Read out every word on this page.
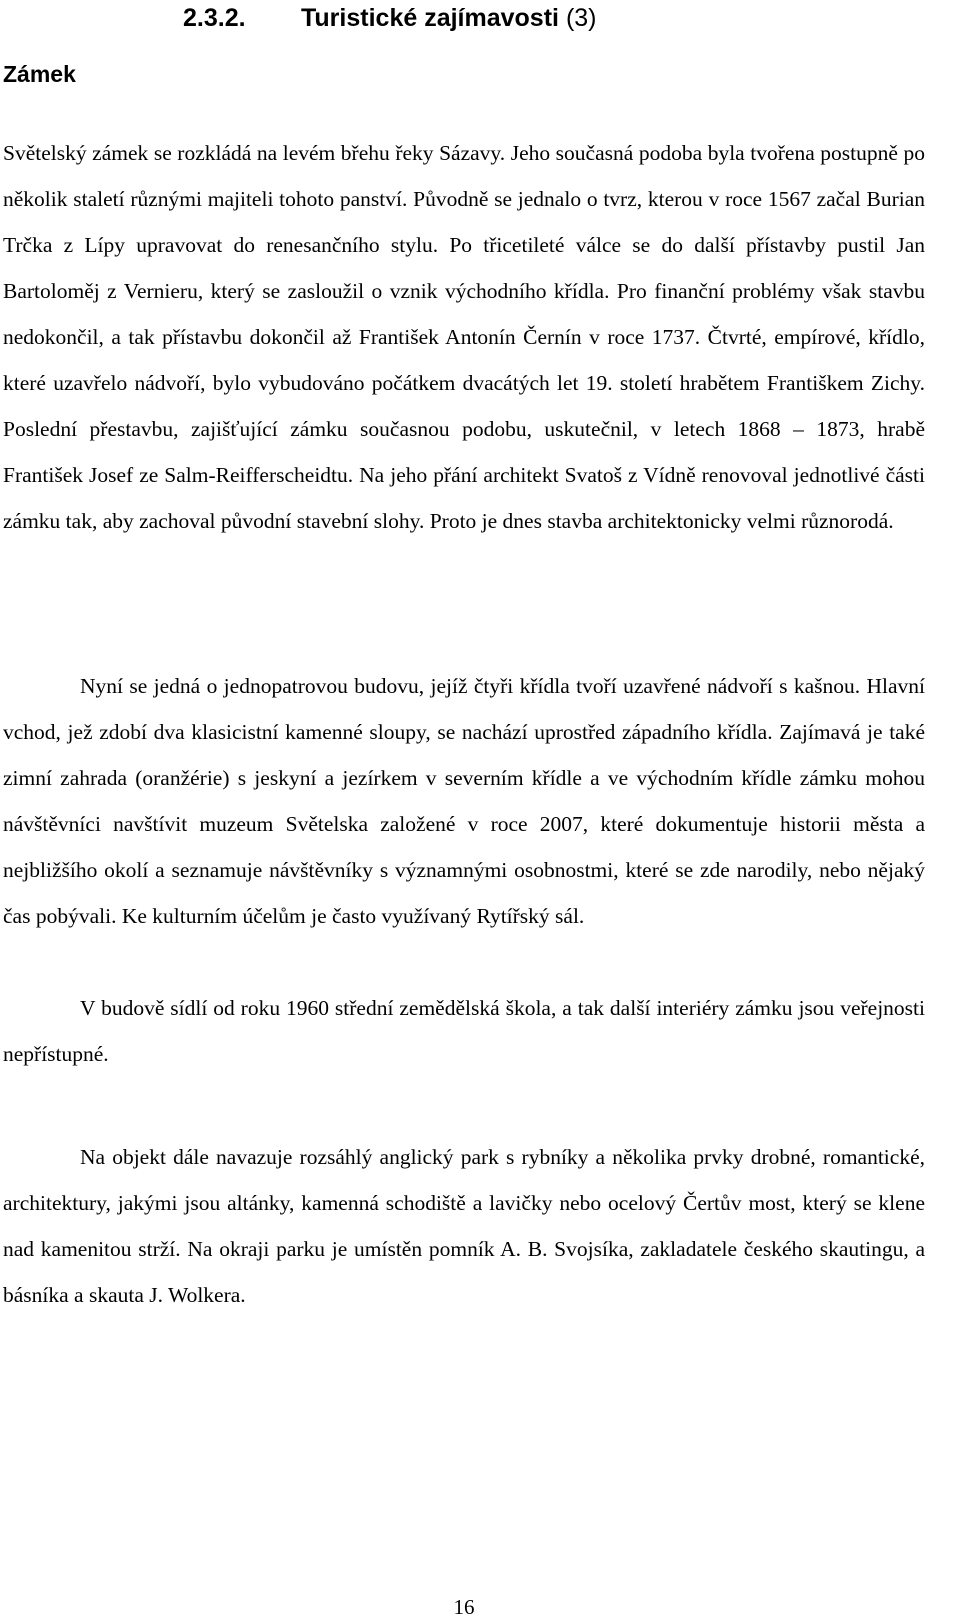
2.3.2. Turistické zajímavosti (3)
Zámek

Světelský zámek se rozkládá na levém břehu řeky Sázavy. Jeho současná podoba byla tvořena postupně po několik staletí různými majiteli tohoto panství. Původně se jednalo o tvrz, kterou v roce 1567 začal Burian Trčka z Lípy upravovat do renesančního stylu. Po třicetileté válce se do další přístavby pustil Jan Bartoloměj z Vernieru, který se zasloužil o vznik východního křídla. Pro finanční problémy však stavbu nedokončil, a tak přístavbu dokončil až František Antonín Černín v roce 1737. Čtvrté, empírové, křídlo, které uzavřelo nádvoří, bylo vybudováno počátkem dvacátých let 19. století hrabětem Františkem Zichy. Poslední přestavbu, zajišťující zámku současnou podobu, uskutečnil, v letech 1868 – 1873, hrabě František Josef ze Salm-Reifferscheidtu. Na jeho přání architekt Svatoš z Vídně renovoval jednotlivé části zámku tak, aby zachoval původní stavební slohy. Proto je dnes stavba architektonicky velmi různorodá.

Nyní se jedná o jednopatrovou budovu, jejíž čtyři křídla tvoří uzavřené nádvoří s kašnou. Hlavní vchod, jež zdobí dva klasicistní kamenné sloupy, se nachází uprostřed západního křídla. Zajímavá je také zimní zahrada (oranžérie) s jeskyní a jezírkem v severním křídle a ve východním křídle zámku mohou návštěvníci navštívit muzeum Světelska založené v roce 2007, které dokumentuje historii města a nejbližšího okolí a seznamuje návštěvníky s významnými osobnostmi, které se zde narodily, nebo nějaký čas pobývali. Ke kulturním účelům je často využívaný Rytířský sál.

V budově sídlí od roku 1960 střední zemědělská škola, a tak další interiéry zámku jsou veřejnosti nepřístupné.

Na objekt dále navazuje rozsáhlý anglický park s rybníky a několika prvky drobné, romantické, architektury, jakými jsou altánky, kamenná schodiště a lavičky nebo ocelový Čertův most, který se klene nad kamenitou strží. Na okraji parku je umístěn pomník A. B. Svojsíka, zakladatele českého skautingu, a básníka a skauta J. Wolkera.

16
